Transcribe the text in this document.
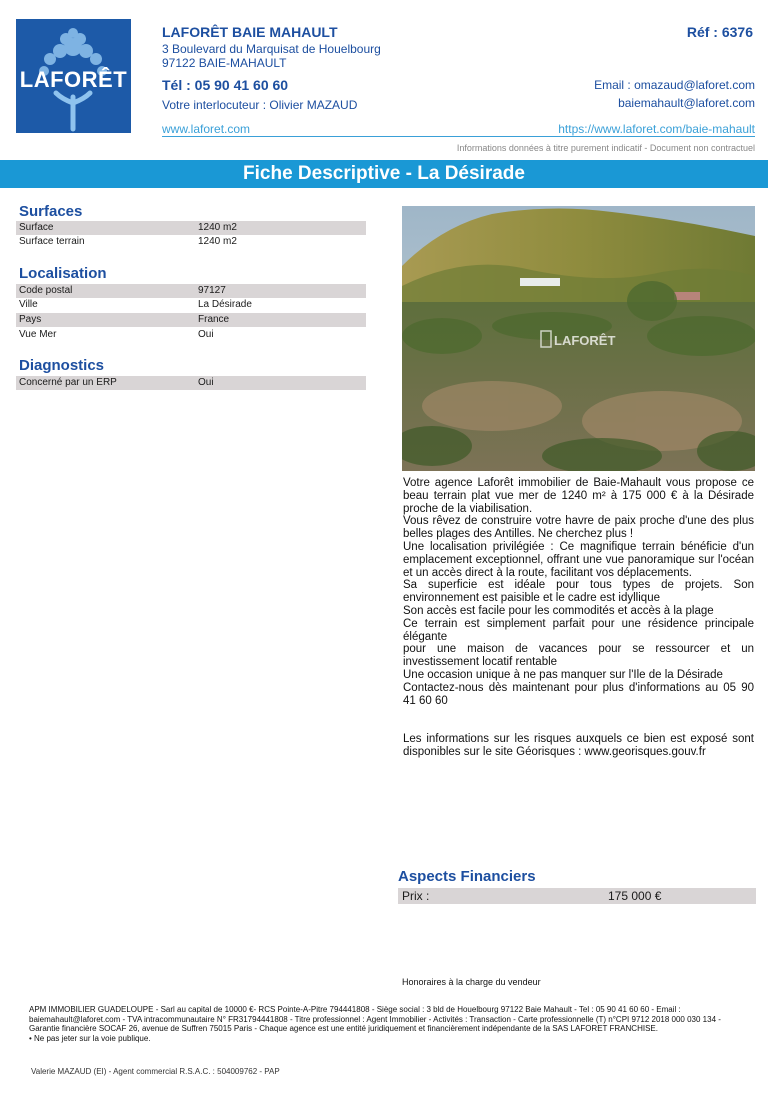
LAFORÊT
LAFORÊT BAIE MAHAULT	Réf : 6376
3 Boulevard du Marquisat de Houelbourg
97122 BAIE-MAHAULT
Tél : 05 90 41 60 60	Email : omazaud@laforet.com
baiemahault@laforet.com
Votre interlocuteur : Olivier MAZAUD
www.laforet.com	https://www.laforet.com/baie-mahault
Informations données à titre purement indicatif - Document non contractuel
Fiche Descriptive - La Désirade
Surfaces
Surface	1240 m2
Surface terrain	1240 m2
Localisation
Code postal	97127
Ville	La Désirade
Pays	France
Vue Mer	Oui
Diagnostics
Concerné par un ERP	Oui
LAFORÊT

Votre agence Laforêt immobilier de Baie-Mahault vous propose ce beau terrain plat vue mer de 1240 m² à 175 000 € à la Désirade proche de la viabilisation.

Vous rêvez de construire votre havre de paix proche d'une des plus belles plages des Antilles. Ne cherchez plus !

Une localisation privilégiée : Ce magnifique terrain bénéficie d'un emplacement exceptionnel, offrant une vue panoramique sur l'océan et un accès direct à la route, facilitant vos déplacements.

Sa superficie est idéale pour tous types de projets. Son environnement est paisible et le cadre est idyllique

Son accès est facile pour les commodités et accès à la plage

Ce terrain est simplement parfait pour une résidence principale élégante

pour une maison de vacances pour se ressourcer et un investissement locatif rentable

Une occasion unique à ne pas manquer sur l'Ile de la Désirade

Contactez-nous dès maintenant pour plus d'informations au 05 90 41 60 60

Les informations sur les risques auxquels ce bien est exposé sont disponibles sur le site Géorisques : www.georisques.gouv.fr

Aspects Financiers
Prix :	175 000 €
Honoraires à la charge du vendeur
APM IMMOBILIER GUADELOUPE - Sarl au capital de 10000 €- RCS Pointe-A-Pitre 794441808 - Siège social : 3 bld de Houelbourg 97122 Baie Mahault - Tel : 05 90 41 60 60 - Email : baiemahault@laforet.com - TVA intracommunautaire N° FR31794441808 - Titre professionnel : Agent Immobilier - Activités : Transaction - Carte professionnelle (T) n°CPI 9712 2018 000 030 134 - Garantie financière SOCAF 26, avenue de Suffren 75015 Paris - Chaque agence est une entité juridiquement et financièrement indépendante de la SAS LAFORET FRANCHISE.
• Ne pas jeter sur la voie publique.
Valerie MAZAUD (EI) - Agent commercial R.S.A.C. : 504009762 - PAP
